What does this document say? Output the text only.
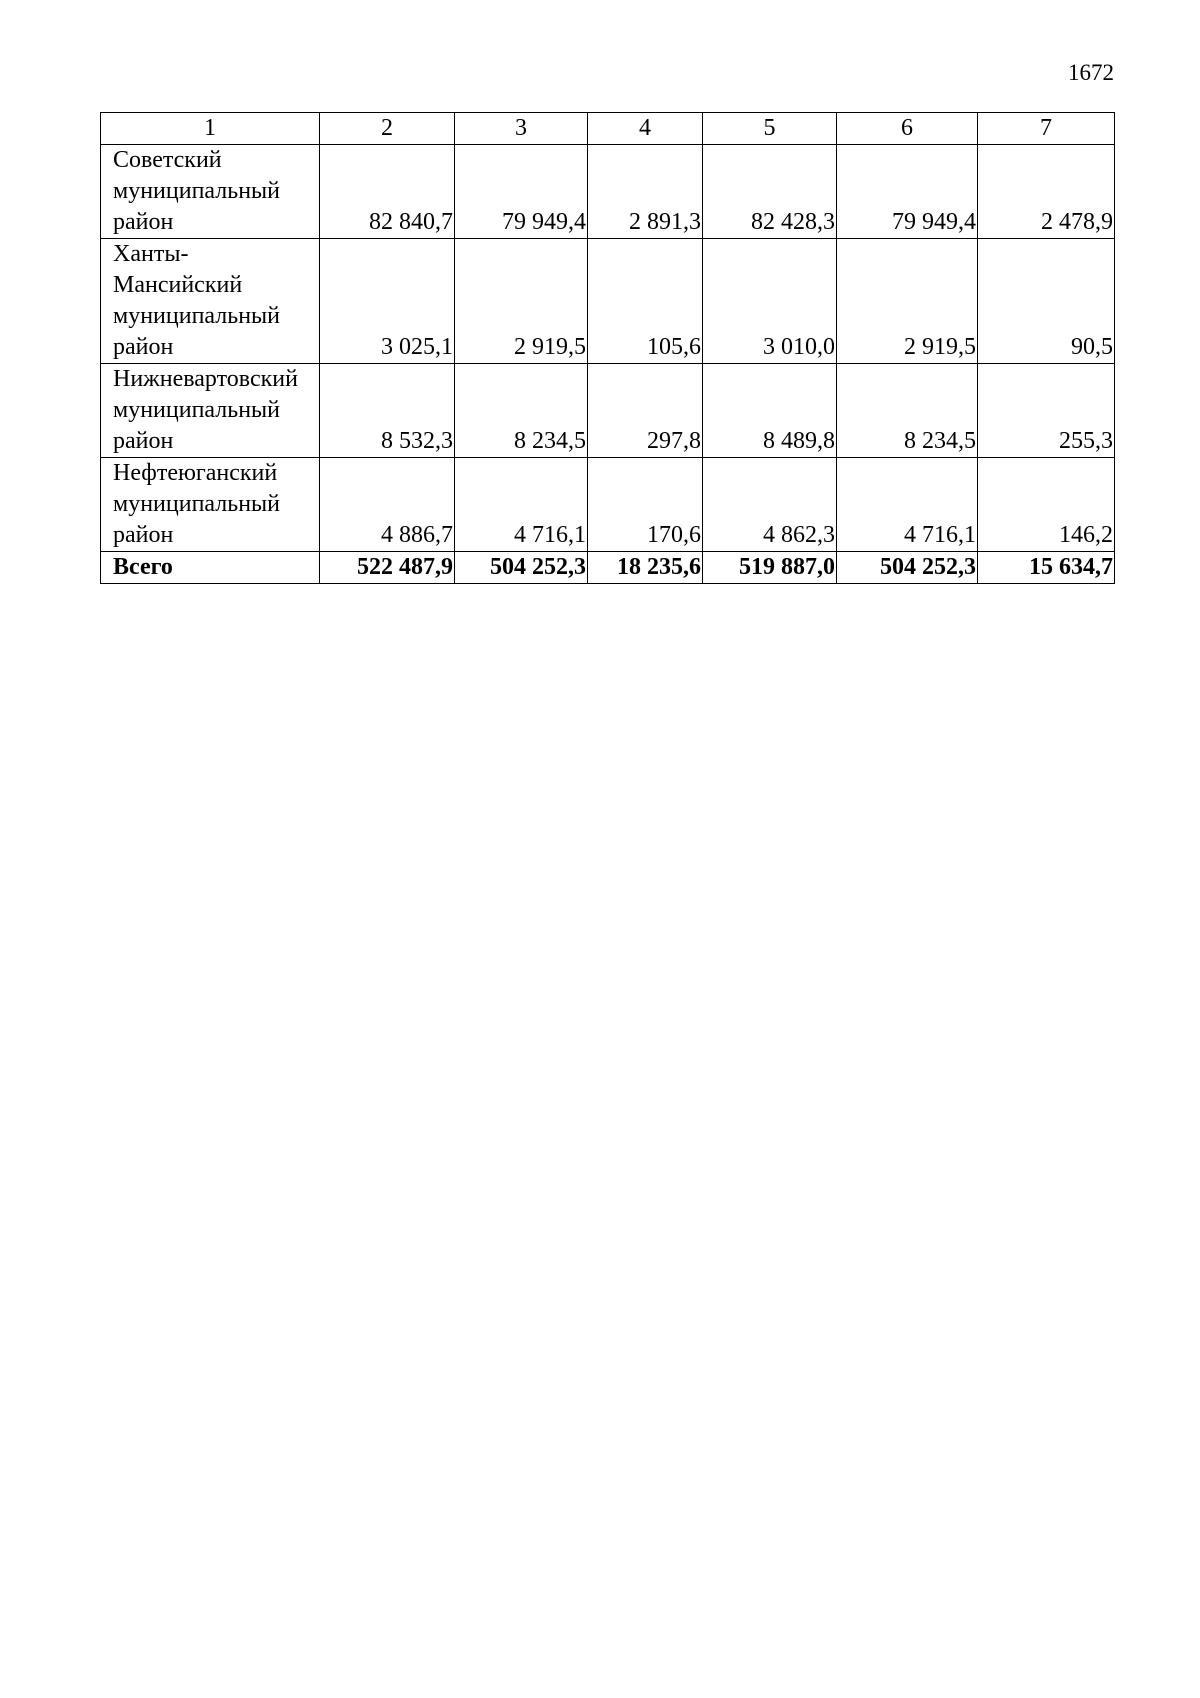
1672
1	2	3	4	5	6	7

Советский
муниципальный
район	82 840,7	79 949,4	2 891,3	82 428,3	79 949,4	2 478,9

Ханты-
Мансийский
муниципальный
район	3 025,1	2 919,5	105,6	3 010,0	2 919,5	90,5

Нижневартовский
муниципальный
район	8 532,3	8 234,5	297,8	8 489,8	8 234,5	255,3

Нефтеюганский
муниципальный
район	4 886,7	4 716,1	170,6	4 862,3	4 716,1	146,2
Всего	522 487,9	504 252,3	18 235,6	519 887,0	504 252,3	15 634,7
